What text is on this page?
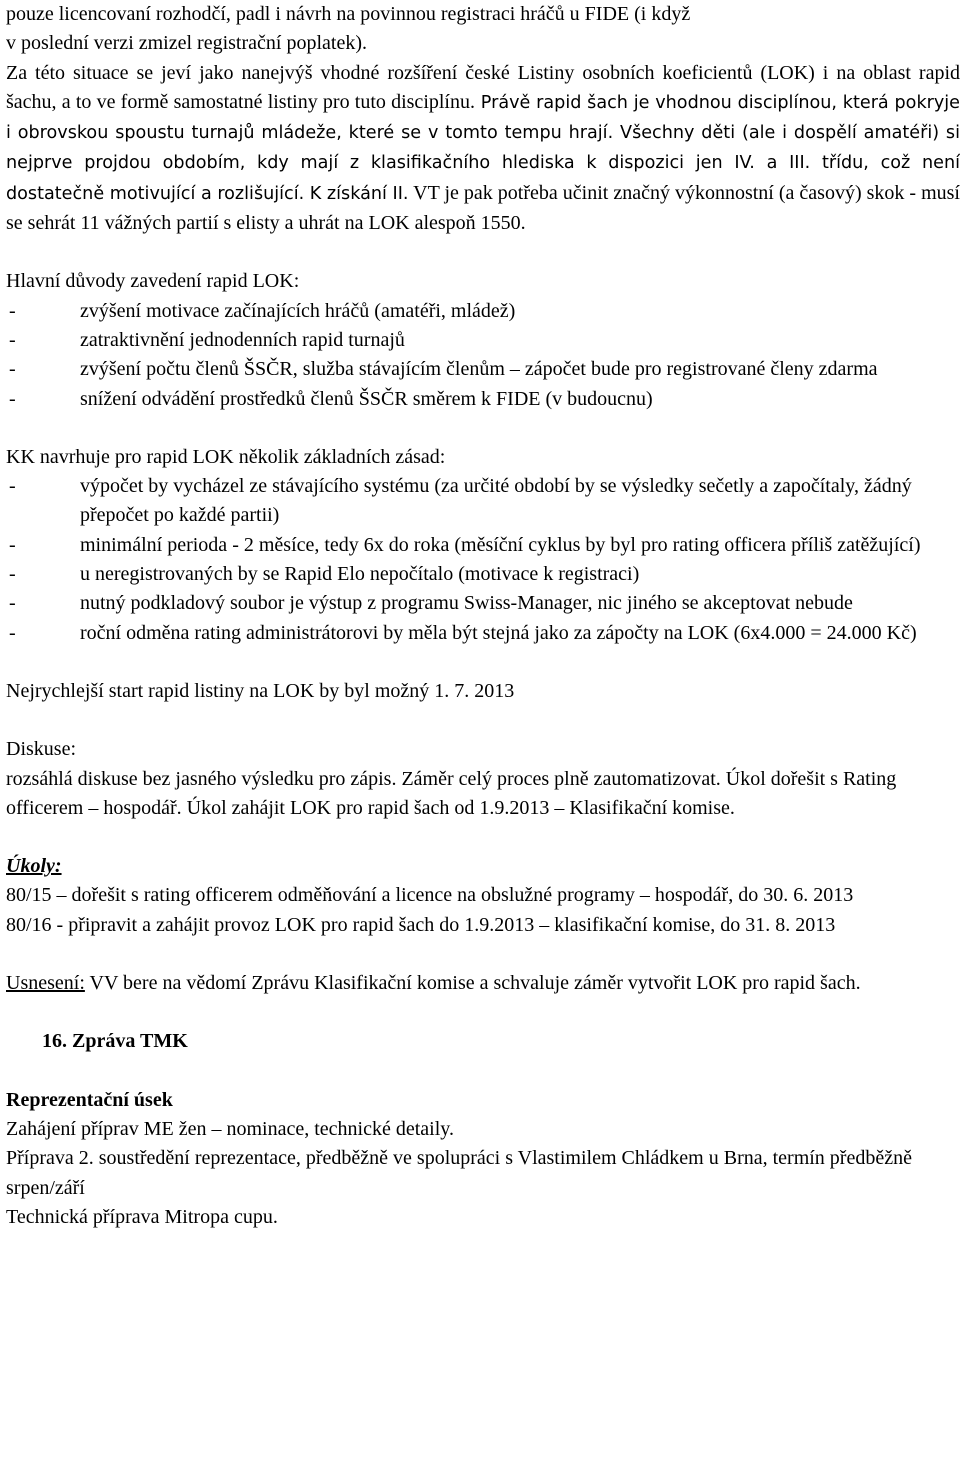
pouze licencovaní rozhodčí, padl i návrh na povinnou registraci hráčů u FIDE (i když
v poslední verzi zmizel registrační poplatek).

Za této situace se jeví jako nanejvýš vhodné rozšíření české Listiny osobních koeficientů (LOK) i na oblast rapid šachu, a to ve formě samostatné listiny pro tuto disciplínu. Právě rapid šach je vhodnou disciplínou, která pokryje i obrovskou spoustu turnajů mládeže, které se v tomto tempu hrají. Všechny děti (ale i dospělí amatéři) si nejprve projdou obdobím, kdy mají z klasifikačního hlediska k dispozici jen IV. a III. třídu, což není dostatečně motivující a rozlišující. K získání II. VT je pak potřeba učinit značný výkonnostní (a časový) skok - musí se sehrát 11 vážných partií s elisty a uhrát na LOK alespoň 1550.

Hlavní důvody zavedení rapid LOK:

-	zvýšení motivace začínajících hráčů (amatéři, mládež)
-	zatraktivnění jednodenních rapid turnajů
-	zvýšení počtu členů ŠSČR, služba stávajícím členům – zápočet bude pro registrované členy zdarma
-	snížení odvádění prostředků členů ŠSČR směrem k FIDE (v budoucnu)

KK navrhuje pro rapid LOK několik základních zásad:

-	výpočet by vycházel ze stávajícího systému (za určité období by se výsledky sečetly a započítaly, žádný přepočet po každé partii)
-	minimální perioda - 2 měsíce, tedy 6x do roka (měsíční cyklus by byl pro rating officera příliš zatěžující)
-	u neregistrovaných by se Rapid Elo nepočítalo (motivace k registraci)
-	nutný podkladový soubor je výstup z programu Swiss-Manager, nic jiného se akceptovat nebude
-	roční odměna rating administrátorovi by měla být stejná jako za zápočty na LOK (6x4.000 = 24.000 Kč)

Nejrychlejší start rapid listiny na LOK by byl možný 1. 7. 2013

Diskuse:

rozsáhlá diskuse bez jasného výsledku pro zápis. Záměr celý proces plně zautomatizovat. Úkol dořešit s Rating officerem – hospodář. Úkol zahájit LOK pro rapid šach od 1.9.2013 – Klasifikační komise.

Úkoly:

80/15 – dořešit s rating officerem odměňování a licence na obslužné programy – hospodář, do 30. 6. 2013

80/16 - připravit a zahájit provoz LOK pro rapid šach do 1.9.2013 – klasifikační komise, do 31. 8. 2013

Usnesení: VV bere na vědomí Zprávu Klasifikační komise a schvaluje záměr vytvořit LOK pro rapid šach.

16. Zpráva TMK

Reprezentační úsek

Zahájení příprav ME žen – nominace, technické detaily.

Příprava 2. soustředění reprezentace, předběžně ve spolupráci s Vlastimilem Chládkem u Brna, termín předběžně srpen/září

Technická příprava Mitropa cupu.
